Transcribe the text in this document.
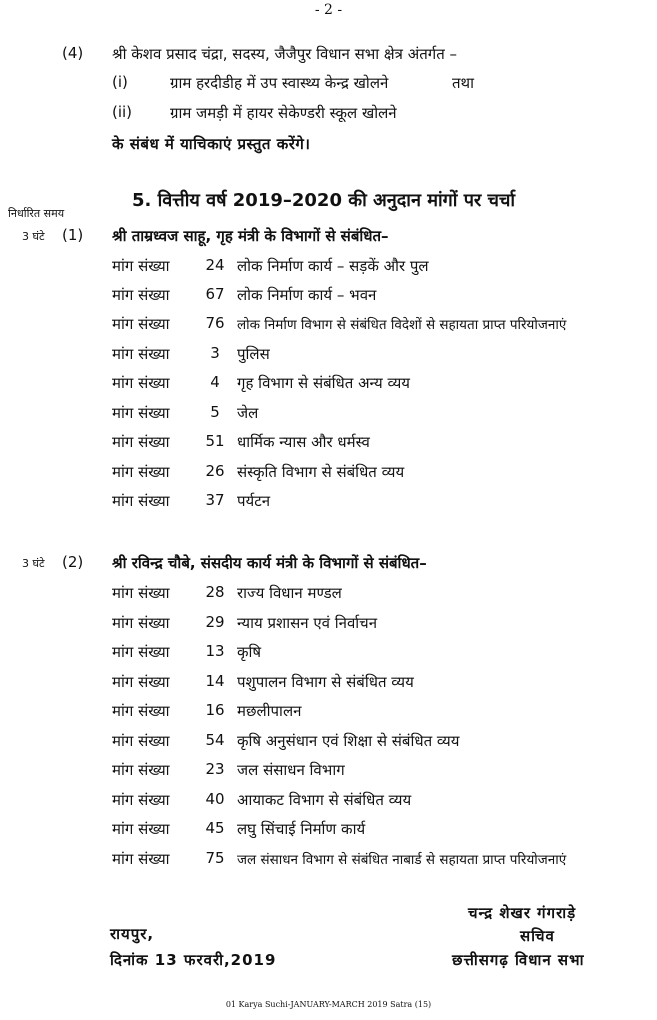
- 2 -
(4) श्री केशव प्रसाद चंद्रा, सदस्य, जैजैपुर विधान सभा क्षेत्र अंतर्गत –
(i)	ग्राम हरदीडीह में उप स्वास्थ्य केन्द्र खोलने	तथा
(ii)	ग्राम जमड़ी में हायर सेकेण्डरी स्कूल खोलने
के संबंध में याचिकाएं प्रस्तुत करेंगे।
5. वित्तीय वर्ष 2019–2020 की अनुदान मांगों पर चर्चा
निर्धारित समय
3 घंटे (1) श्री ताम्रध्वज साहू, गृह मंत्री के विभागों से संबंधित–
मांग संख्या	24 लोक निर्माण कार्य – सड़कें और पुल
मांग संख्या	67 लोक निर्माण कार्य – भवन
मांग संख्या	76 लोक निर्माण विभाग से संबंधित विदेशों से सहायता प्राप्त परियोजनाएं
मांग संख्या	3	पुलिस
मांग संख्या	4	गृह विभाग से संबंधित अन्य व्यय
मांग संख्या	5	जेल
मांग संख्या	51 धार्मिक न्यास और धर्मस्व
मांग संख्या	26 संस्कृति विभाग से संबंधित व्यय
मांग संख्या	37 पर्यटन
3 घंटे (2) श्री रविन्द्र चौबे, संसदीय कार्य मंत्री के विभागों से संबंधित–
मांग संख्या	28 राज्य विधान मण्डल
मांग संख्या	29 न्याय प्रशासन एवं निर्वाचन
मांग संख्या	13 कृषि
मांग संख्या	14 पशुपालन विभाग से संबंधित व्यय
मांग संख्या	16 मछलीपालन
मांग संख्या	54 कृषि अनुसंधान एवं शिक्षा से संबंधित व्यय
मांग संख्या	23 जल संसाधन विभाग
मांग संख्या	40 आयाकट विभाग से संबंधित व्यय
मांग संख्या	45 लघु सिंचाई निर्माण कार्य
मांग संख्या	75 जल संसाधन विभाग से संबंधित नाबार्ड से सहायता प्राप्त परियोजनाएं
चन्द्र शेखर गंगराड़े
सचिव
रायपुर,
दिनांक 13 फरवरी,2019	छत्तीसगढ़ विधान सभा
01 Karya Suchi-JANUARY-MARCH 2019 Satra (15)
